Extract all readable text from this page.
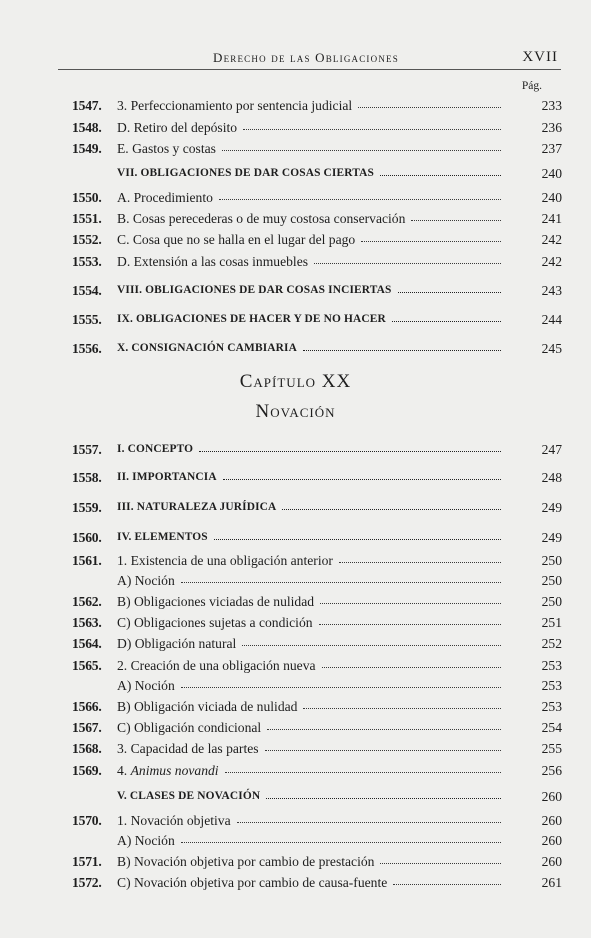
Derecho de las Obligaciones	XVII
Pág.
1547.	3. Perfeccionamiento por sentencia judicial	233
1548.	D. Retiro del depósito	236
1549.	E. Gastos y costas	237
VII. OBLIGACIONES DE DAR COSAS CIERTAS	240
1550.	A. Procedimiento	240
1551.	B. Cosas perecederas o de muy costosa conservación	241
1552.	C. Cosa que no se halla en el lugar del pago	242
1553.	D. Extensión a las cosas inmuebles	242
1554.	VIII. OBLIGACIONES DE DAR COSAS INCIERTAS	243
1555.	IX. OBLIGACIONES DE HACER Y DE NO HACER	244
1556.	X. CONSIGNACIÓN CAMBIARIA	245
Capítulo XX
Novación
1557.	I. CONCEPTO	247
1558.	II. IMPORTANCIA	248
1559.	III. NATURALEZA JURÍDICA	249
1560.	IV. ELEMENTOS	249
1561.	1. Existencia de una obligación anterior	250
A) Noción	250
1562.	B) Obligaciones viciadas de nulidad	250
1563.	C) Obligaciones sujetas a condición	251
1564.	D) Obligación natural	252
1565.	2. Creación de una obligación nueva	253
A) Noción	253
1566.	B) Obligación viciada de nulidad	253
1567.	C) Obligación condicional	254
1568.	3. Capacidad de las partes	255
1569.	4. Animus novandi	256
V. CLASES DE NOVACIÓN	260
1570.	1. Novación objetiva	260
A) Noción	260
1571.	B) Novación objetiva por cambio de prestación	260
1572.	C) Novación objetiva por cambio de causa-fuente	261
